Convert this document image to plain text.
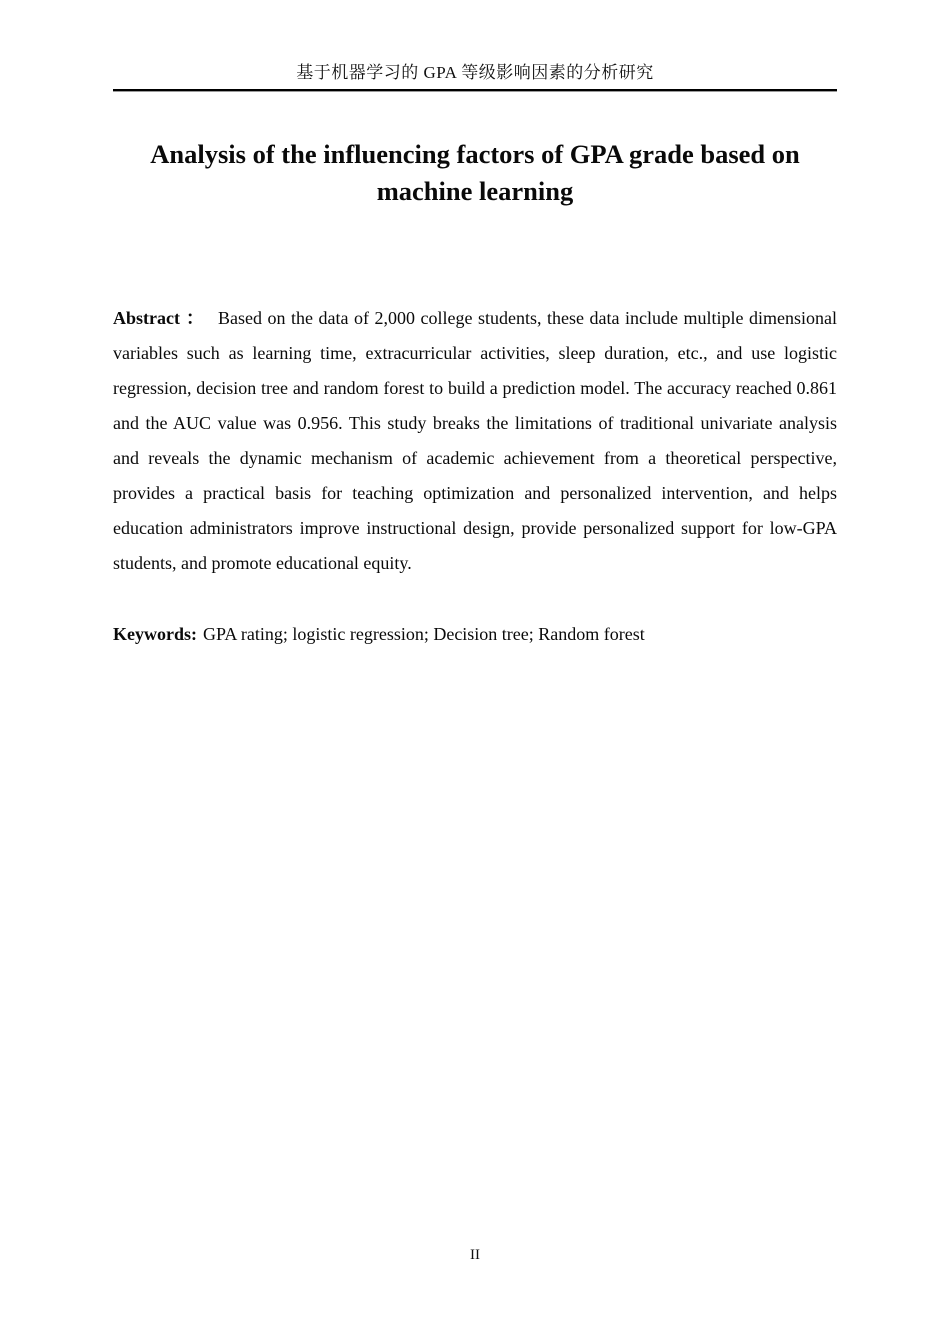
基于机器学习的 GPA 等级影响因素的分析研究
Analysis of the influencing factors of GPA grade based on
machine learning

Abstract ： Based on the data of 2,000 college students, these data include multiple dimensional variables such as learning time, extracurricular activities, sleep duration, etc., and use logistic regression, decision tree and random forest to build a prediction model. The accuracy reached 0.861 and the AUC value was 0.956. This study breaks the limitations of traditional univariate analysis and reveals the dynamic mechanism of academic achievement from a theoretical perspective, provides a practical basis for teaching optimization and personalized intervention, and helps education administrators improve instructional design, provide personalized support for low-GPA students, and promote educational equity.

Keywords: GPA rating; logistic regression; Decision tree; Random forest

II
